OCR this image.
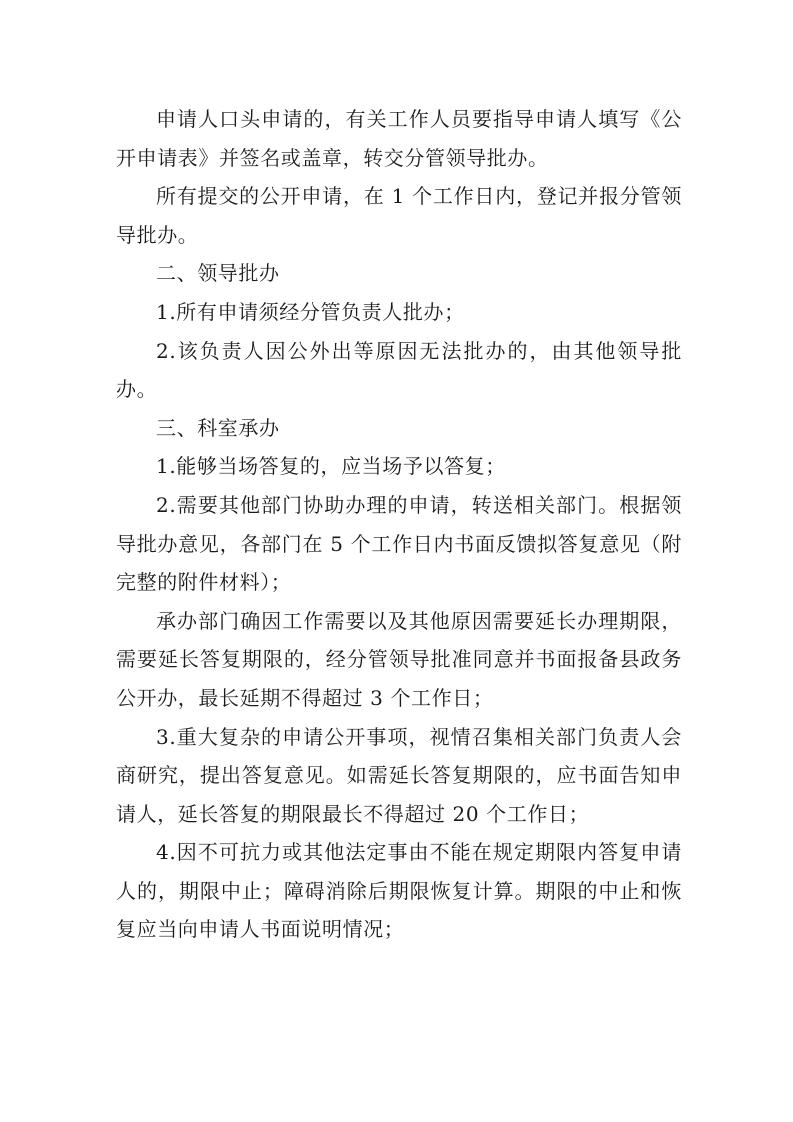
申请人口头申请的，有关工作人员要指导申请人填写《公开申请表》并签名或盖章，转交分管领导批办。

所有提交的公开申请，在 1 个工作日内，登记并报分管领导批办。

二、领导批办

1.所有申请须经分管负责人批办；

2.该负责人因公外出等原因无法批办的，由其他领导批办。

三、科室承办

1.能够当场答复的，应当场予以答复；

2.需要其他部门协助办理的申请，转送相关部门。根据领导批办意见，各部门在 5 个工作日内书面反馈拟答复意见（附完整的附件材料）；

承办部门确因工作需要以及其他原因需要延长办理期限，需要延长答复期限的，经分管领导批准同意并书面报备县政务公开办，最长延期不得超过 3 个工作日；

3.重大复杂的申请公开事项，视情召集相关部门负责人会商研究，提出答复意见。如需延长答复期限的，应书面告知申请人，延长答复的期限最长不得超过 20 个工作日；

4.因不可抗力或其他法定事由不能在规定期限内答复申请人的，期限中止；障碍消除后期限恢复计算。期限的中止和恢复应当向申请人书面说明情况；
